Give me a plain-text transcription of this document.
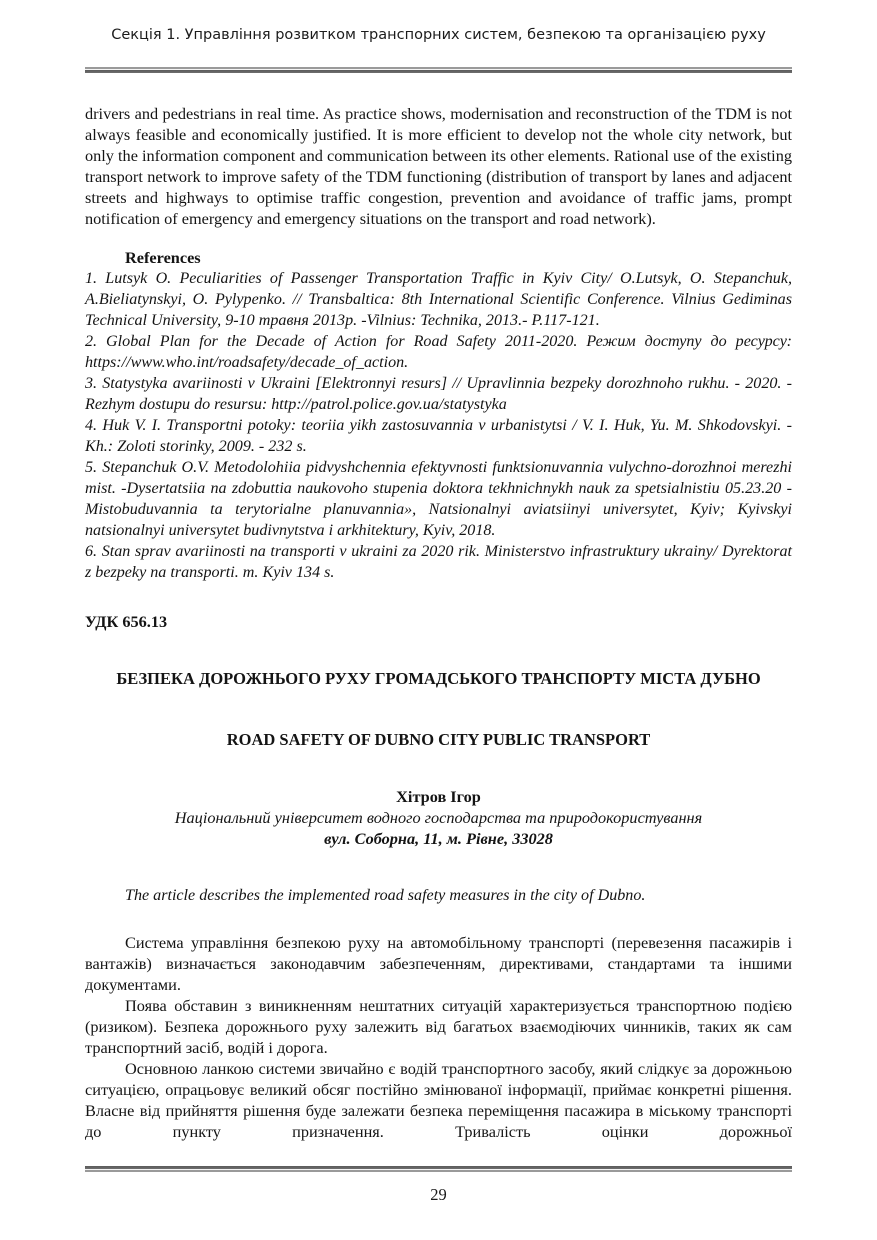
Секція 1. Управління розвитком транспорних систем, безпекою та організацією руху

drivers and pedestrians in real time. As practice shows, modernisation and reconstruction of the TDM is not always feasible and economically justified. It is more efficient to develop not the whole city network, but only the information component and communication between its other elements. Rational use of the existing transport network to improve safety of the TDM functioning (distribution of transport by lanes and adjacent streets and highways to optimise traffic congestion, prevention and avoidance of traffic jams, prompt notification of emergency and emergency situations on the transport and road network).

References

1. Lutsyk O. Peculiarities of Passenger Transportation Traffic in Kyiv City/ O.Lutsyk, O. Stepanchuk, A.Bieliatynskyi, O. Pylypenko. // Transbaltica: 8th International Scientific Conference. Vilnius Gediminas Technical University, 9-10 травня 2013р. -Vilnius: Technika, 2013.- P.117-121.

2. Global Plan for the Decade of Action for Road Safety 2011-2020. Режим доступу до ресурсу: https://www.who.int/roadsafety/decade_of_action.

3. Statystyka avariinosti v Ukraini [Elektronnyi resurs] // Upravlinnia bezpeky dorozhnoho rukhu. - 2020. - Rezhym dostupu do resursu: http://patrol.police.gov.ua/statystyka

4. Huk V. I. Transportni potoky: teoriia yikh zastosuvannia v urbanistytsi / V. I. Huk, Yu. M. Shkodovskyi. - Kh.: Zoloti storinky, 2009. - 232 s.

5. Stepanchuk O.V. Metodolohiia pidvyshchennia efektyvnosti funktsionuvannia vulychno-dorozhnoi merezhi mist. -Dysertatsiia na zdobuttia naukovoho stupenia doktora tekhnichnykh nauk za spetsialnistiu 05.23.20 - Mistobuduvannia ta terytorialne planuvannia», Natsionalnyi aviatsiinyi universytet, Kyiv; Kyivskyi natsionalnyi universytet budivnytstva i arkhitektury, Kyiv, 2018.

6. Stan sprav avariinosti na transporti v ukraini za 2020 rik. Ministerstvo infrastruktury ukrainy/ Dyrektorat z bezpeky na transporti. m. Kyiv 134 s.

УДК 656.13

БЕЗПЕКА ДОРОЖНЬОГО РУХУ ГРОМАДСЬКОГО ТРАНСПОРТУ МІСТА ДУБНО

ROAD SAFETY OF DUBNO CITY PUBLIC TRANSPORT

Хітров Ігор

Національний університет водного господарства та природокористування

вул. Соборна, 11, м. Рівне, 33028

The article describes the implemented road safety measures in the city of Dubno.

Система управління безпекою руху на автомобільному транспорті (перевезення пасажирів і вантажів) визначається законодавчим забезпеченням, директивами, стандартами та іншими документами.

Поява обставин з виникненням нештатних ситуацій характеризується транспортною подією (ризиком). Безпека дорожнього руху залежить від багатьох взаємодіючих чинників, таких як сам транспортний засіб, водій і дорога.

Основною ланкою системи звичайно є водій транспортного засобу, який слідкує за дорожньою ситуацією, опрацьовує великий обсяг постійно змінюваної інформації, приймає конкретні рішення. Власне від прийняття рішення буде залежати безпека переміщення пасажира в міському транспорті до пункту призначення. Тривалість оцінки дорожньої

29
